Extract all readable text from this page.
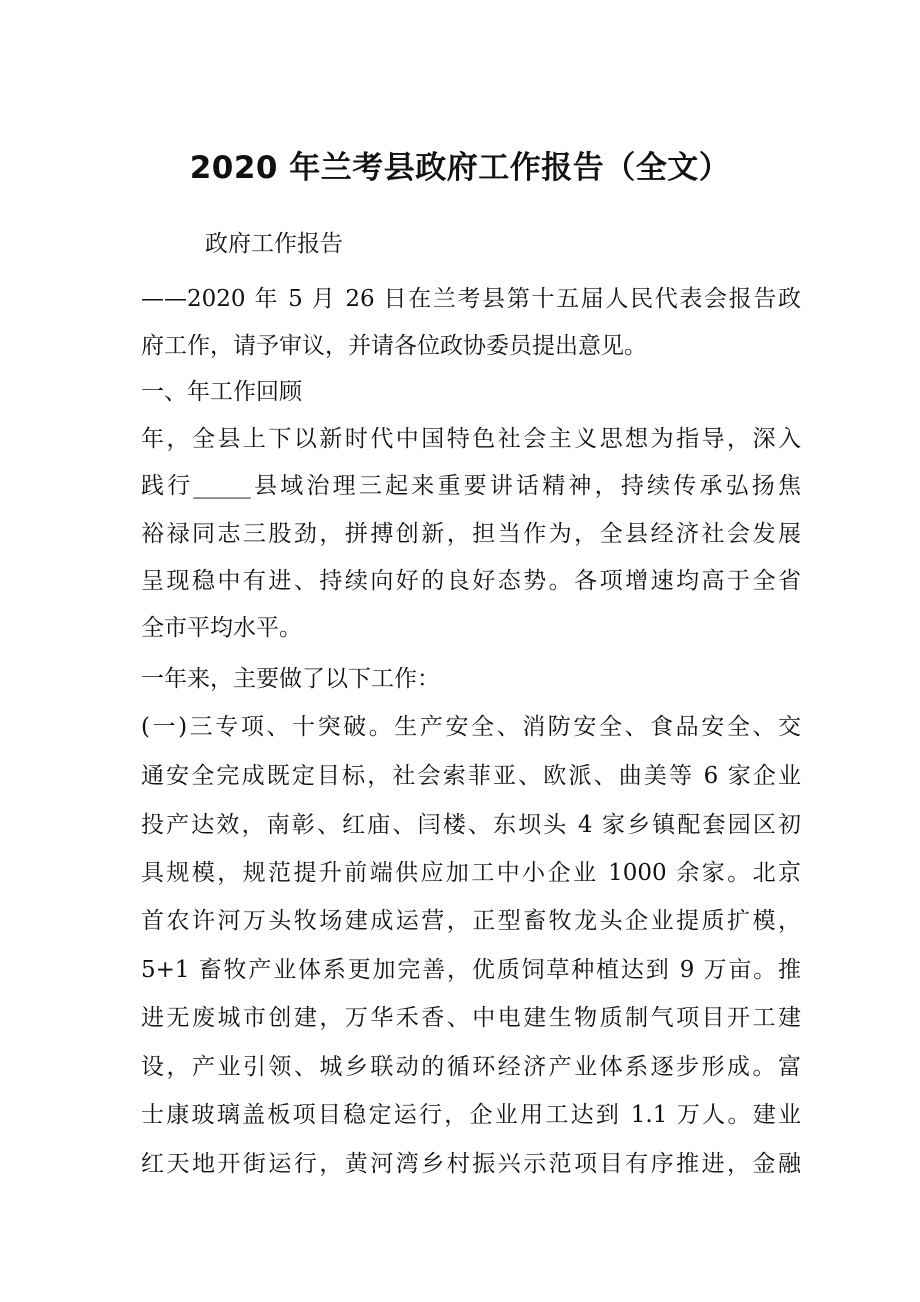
2020 年兰考县政府工作报告（全文）
政府工作报告
——2020 年 5 月 26 日在兰考县第十五届人民代表会报告政
府工作，请予审议，并请各位政协委员提出意见。
一、年工作回顾
年，全县上下以新时代中国特色社会主义思想为指导，深入
践行_____县域治理三起来重要讲话精神，持续传承弘扬焦
裕禄同志三股劲，拼搏创新，担当作为，全县经济社会发展
呈现稳中有进、持续向好的良好态势。各项增速均高于全省
全市平均水平。
一年来，主要做了以下工作：
(一)三专项、十突破。生产安全、消防安全、食品安全、交
通安全完成既定目标，社会索菲亚、欧派、曲美等 6 家企业
投产达效，南彰、红庙、闫楼、东坝头 4 家乡镇配套园区初
具规模，规范提升前端供应加工中小企业 1000 余家。北京
首农许河万头牧场建成运营，正型畜牧龙头企业提质扩模，
5+1 畜牧产业体系更加完善，优质饲草种植达到 9 万亩。推
进无废城市创建，万华禾香、中电建生物质制气项目开工建
设，产业引领、城乡联动的循环经济产业体系逐步形成。富
士康玻璃盖板项目稳定运行，企业用工达到 1.1 万人。建业
红天地开街运行，黄河湾乡村振兴示范项目有序推进，金融
